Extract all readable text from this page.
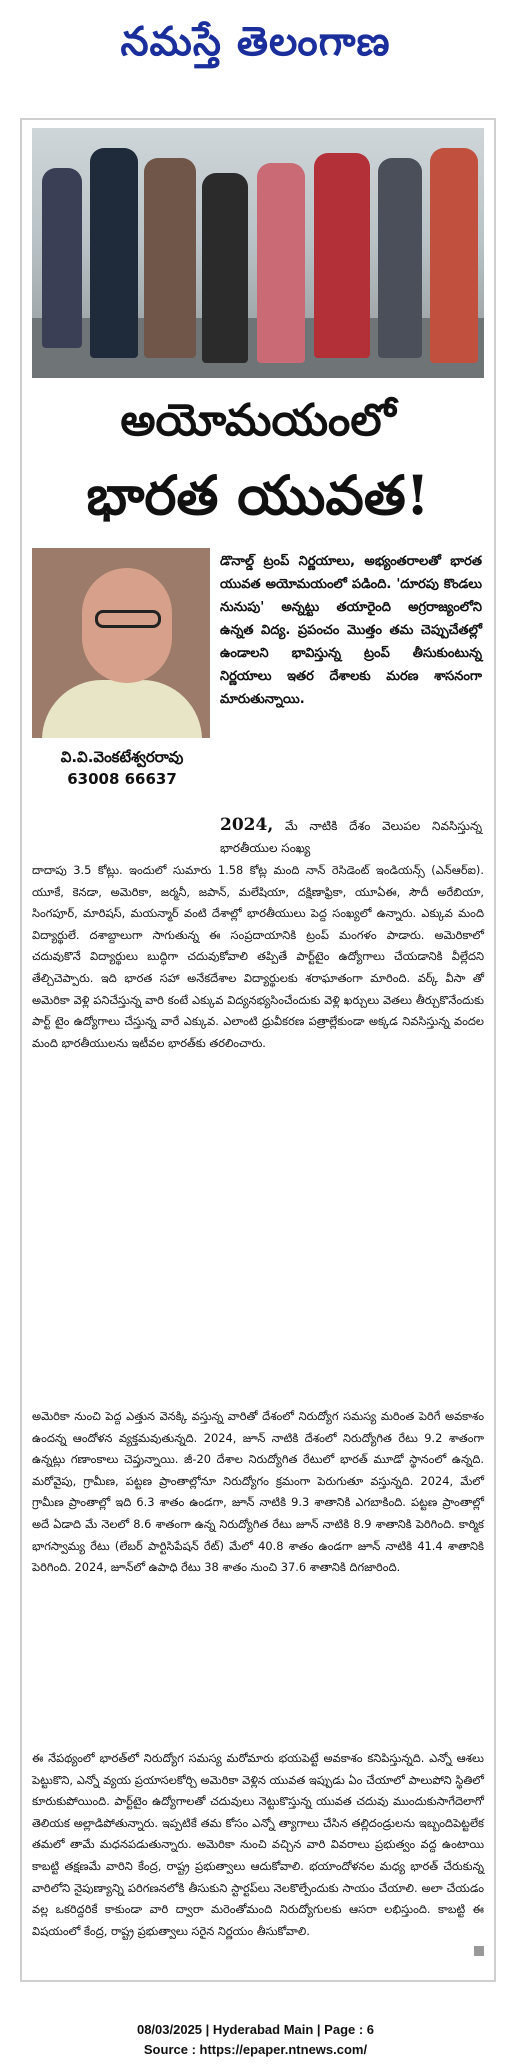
నమస్తే తెలంగాణ
అయోమయంలో
భారత యువత!
వి.వి.వెంకటేశ్వరరావు
63008 66637
డొనాల్డ్ ట్రంప్ నిర్ణయాలు, అభ్యంతరాలతో భారత యువత అయోమయంలో పడింది. 'దూరపు కొండలు నునుపు' అన్నట్టు తయారైంది అగ్రరాజ్యంలోని ఉన్నత విద్య. ప్రపంచం మొత్తం తమ చెప్పుచేతల్లో ఉండాలని భావిస్తున్న ట్రంప్ తీసుకుంటున్న నిర్ణయాలు ఇతర దేశాలకు మరణ శాసనంగా మారుతున్నాయి.
2024, మే నాటికి దేశం వెలుపల నివసిస్తున్న భారతీయుల సంఖ్య
దాదాపు 3.5 కోట్లు. ఇందులో సుమారు 1.58 కోట్ల మంది నాన్ రెసిడెంట్ ఇండియన్స్ (ఎన్ఆర్ఐ). యూకే, కెనడా, అమెరికా, జర్మనీ, జపాన్, మలేషియా, దక్షిణాఫ్రికా, యూఏఈ, సౌదీ అరేబియా, సింగపూర్, మారిషస్, మయన్మార్ వంటి దేశాల్లో భారతీయులు పెద్ద సంఖ్యలో ఉన్నారు. ఎక్కువ మంది విద్యార్థులే. దశాబ్దాలుగా సాగుతున్న ఈ సంప్రదాయానికి ట్రంప్ మంగళం పాడారు. అమెరికాలో చదువుకొనే విద్యార్థులు బుద్ధిగా చదువుకోవాలి తప్పితే పార్ట్‌టైం ఉద్యోగాలు చేయడానికి వీల్లేదని తేల్చిచెప్పారు. ఇది భారత సహా అనేకదేశాల విద్యార్థులకు శరాఘాతంగా మారింది. వర్క్ వీసా తో అమెరికా వెళ్లి పనిచేస్తున్న వారి కంటే ఎక్కువ విద్యనభ్యసించేందుకు వెళ్లి ఖర్చులు వెతలు తీర్చుకొనేందుకు పార్ట్ టైం ఉద్యోగాలు చేస్తున్న వారే ఎక్కువ. ఎలాంటి ధ్రువీకరణ పత్రాల్లేకుండా అక్కడ నివసిస్తున్న వందల మంది భారతీయులను ఇటీవల భారత్‌కు తరలించారు.
అమెరికా నుంచి పెద్ద ఎత్తున వెనక్కి వస్తున్న వారితో దేశంలో నిరుద్యోగ సమస్య మరింత పెరిగే అవకాశం ఉందన్న ఆందోళన వ్యక్తమవుతున్నది. 2024, జూన్ నాటికి దేశంలో నిరుద్యోగిత రేటు 9.2 శాతంగా ఉన్నట్లు గణాంకాలు చెప్తున్నాయి. జీ-20 దేశాల నిరుద్యోగిత రేటులో భారత్ మూడో స్థానంలో ఉన్నది. మరోవైపు, గ్రామీణ, పట్టణ ప్రాంతాల్లోనూ నిరుద్యోగం క్రమంగా పెరుగుతూ వస్తున్నది. 2024, మేలో గ్రామీణ ప్రాంతాల్లో ఇది 6.3 శాతం ఉండగా, జూన్ నాటికి 9.3 శాతానికి ఎగబాకింది. పట్టణ ప్రాంతాల్లో అదే ఏడాది మే నెలలో 8.6 శాతంగా ఉన్న నిరుద్యోగిత రేటు జూన్ నాటికి 8.9 శాతానికి పెరిగింది. కార్మిక భాగస్వామ్య రేటు (లేబర్ పార్టిసిపేషన్ రేట్) మేలో 40.8 శాతం ఉండగా జూన్ నాటికి 41.4 శాతానికి పెరిగింది. 2024, జూన్‌లో ఉపాధి రేటు 38 శాతం నుంచి 37.6 శాతానికి దిగజారింది.
ఈ నేపథ్యంలో భారత్‌లో నిరుద్యోగ సమస్య మరోమారు భయపెట్టే అవకాశం కనిపిస్తున్నది. ఎన్నో ఆశలు పెట్టుకొని, ఎన్నో వ్యయ ప్రయాసలకోర్చి అమెరికా వెళ్లిన యువత ఇప్పుడు ఏం చేయాలో పాలుపోని స్థితిలో కూరుకుపోయింది. పార్ట్‌టైం ఉద్యోగాలతో చదువులు నెట్టుకొస్తున్న యువత చదువు ముందుకుసాగేదెలాగో తెలియక అల్లాడిపోతున్నారు. ఇప్పటికే తమ కోసం ఎన్నో త్యాగాలు చేసిన తల్లిదండ్రులను ఇబ్బందిపెట్టలేక తమలో తామే మధనపడుతున్నారు. అమెరికా నుంచి వచ్చిన వారి వివరాలు ప్రభుత్వం వద్ద ఉంటాయి కాబట్టి తక్షణమే వారిని కేంద్ర, రాష్ట్ర ప్రభుత్వాలు ఆదుకోవాలి. భయాందోళనల మధ్య భారత్ చేరుకున్న వారిలోని నైపుణ్యాన్ని పరిగణనలోకి తీసుకుని స్టార్టప్‌లు నెలకొల్పేందుకు సాయం చేయాలి. అలా చేయడం వల్ల ఒకరిద్దరికే కాకుండా వారి ద్వారా మరెంతోమంది నిరుద్యోగులకు ఆసరా లభిస్తుంది. కాబట్టి ఈ విషయంలో కేంద్ర, రాష్ట్ర ప్రభుత్వాలు సరైన నిర్ణయం తీసుకోవాలి.
08/03/2025 | Hyderabad Main | Page : 6
Source : https://epaper.ntnews.com/
